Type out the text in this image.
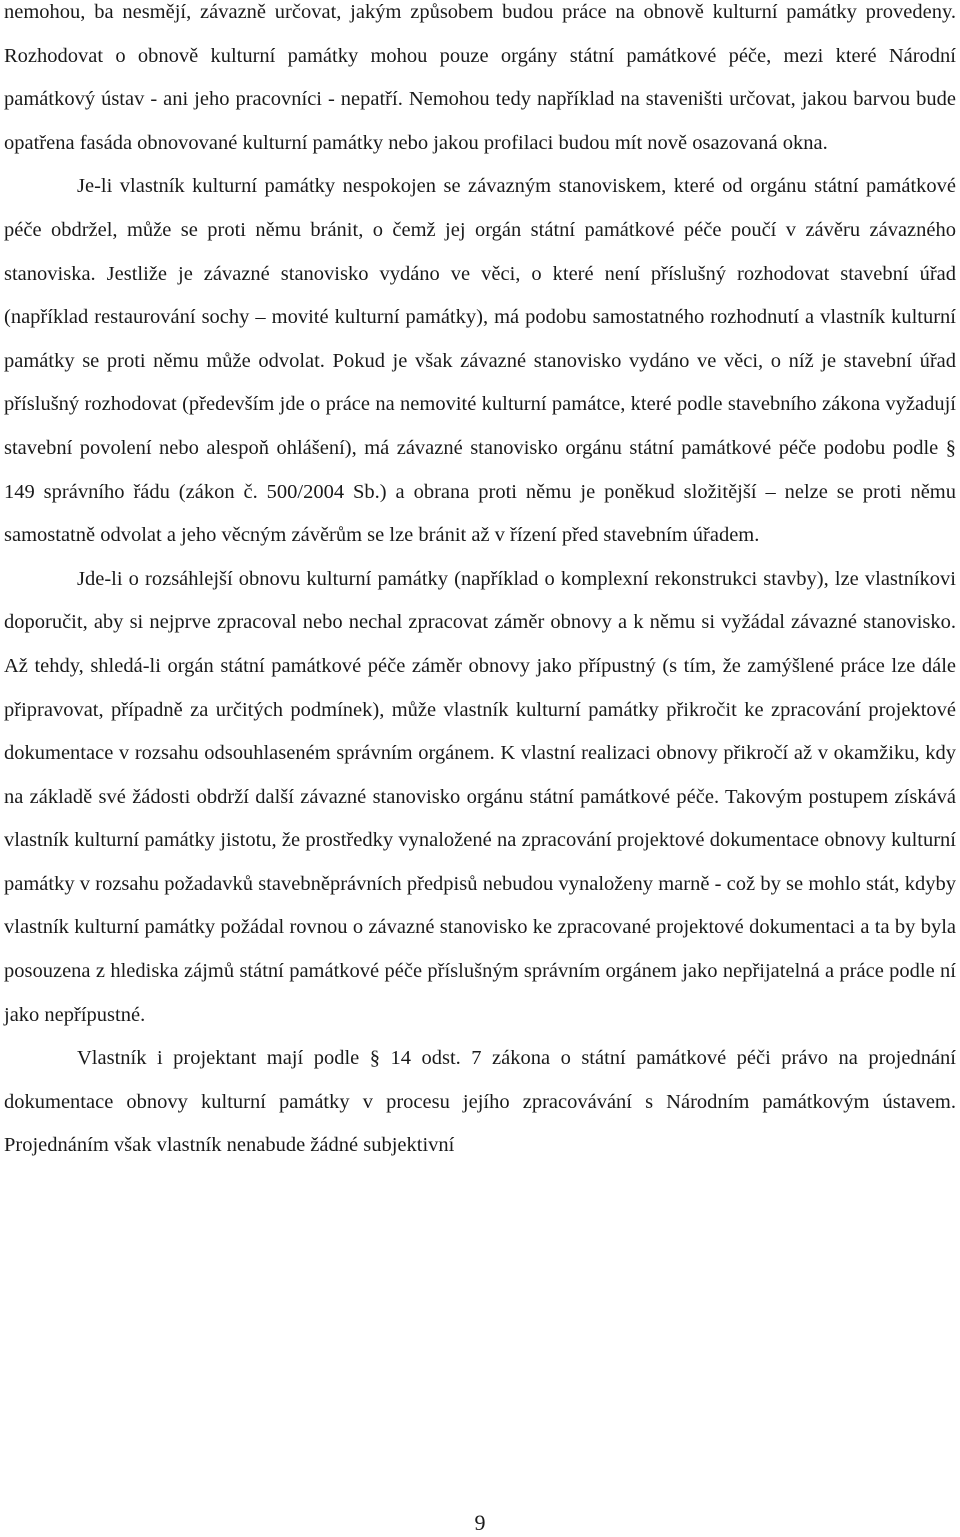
nemohou, ba nesmějí, závazně určovat, jakým způsobem budou práce na obnově kulturní památky provedeny. Rozhodovat o obnově kulturní památky mohou pouze orgány státní památkové péče, mezi které Národní památkový ústav - ani jeho pracovníci - nepatří. Nemohou tedy například na staveništi určovat, jakou barvou bude opatřena fasáda obnovované kulturní památky nebo jakou profilaci budou mít nově osazovaná okna.

Je-li vlastník kulturní památky nespokojen se závazným stanoviskem, které od orgánu státní památkové péče obdržel, může se proti němu bránit, o čemž jej orgán státní památkové péče poučí v závěru závazného stanoviska. Jestliže je závazné stanovisko vydáno ve věci, o které není příslušný rozhodovat stavební úřad (například restaurování sochy – movité kulturní památky), má podobu samostatného rozhodnutí a vlastník kulturní památky se proti němu může odvolat. Pokud je však závazné stanovisko vydáno ve věci, o níž je stavební úřad příslušný rozhodovat (především jde o práce na nemovité kulturní památce, které podle stavebního zákona vyžadují stavební povolení nebo alespoň ohlášení), má závazné stanovisko orgánu státní památkové péče podobu podle § 149 správního řádu (zákon č. 500/2004 Sb.) a obrana proti němu je poněkud složitější – nelze se proti němu samostatně odvolat a jeho věcným závěrům se lze bránit až v řízení před stavebním úřadem.

Jde-li o rozsáhlejší obnovu kulturní památky (například o komplexní rekonstrukci stavby), lze vlastníkovi doporučit, aby si nejprve zpracoval nebo nechal zpracovat záměr obnovy a k němu si vyžádal závazné stanovisko. Až tehdy, shledá-li orgán státní památkové péče záměr obnovy jako přípustný (s tím, že zamýšlené práce lze dále připravovat, případně za určitých podmínek), může vlastník kulturní památky přikročit ke zpracování projektové dokumentace v rozsahu odsouhlaseném správním orgánem. K vlastní realizaci obnovy přikročí až v okamžiku, kdy na základě své žádosti obdrží další závazné stanovisko orgánu státní památkové péče. Takovým postupem získává vlastník kulturní památky jistotu, že prostředky vynaložené na zpracování projektové dokumentace obnovy kulturní památky v rozsahu požadavků stavebněprávních předpisů nebudou vynaloženy marně - což by se mohlo stát, kdyby vlastník kulturní památky požádal rovnou o závazné stanovisko ke zpracované projektové dokumentaci a ta by byla posouzena z hlediska zájmů státní památkové péče příslušným správním orgánem jako nepřijatelná a práce podle ní jako nepřípustné.

Vlastník i projektant mají podle § 14 odst. 7 zákona o státní památkové péči právo na projednání dokumentace obnovy kulturní památky v procesu jejího zpracovávání s Národním památkovým ústavem. Projednáním však vlastník nenabude žádné subjektivní

9
